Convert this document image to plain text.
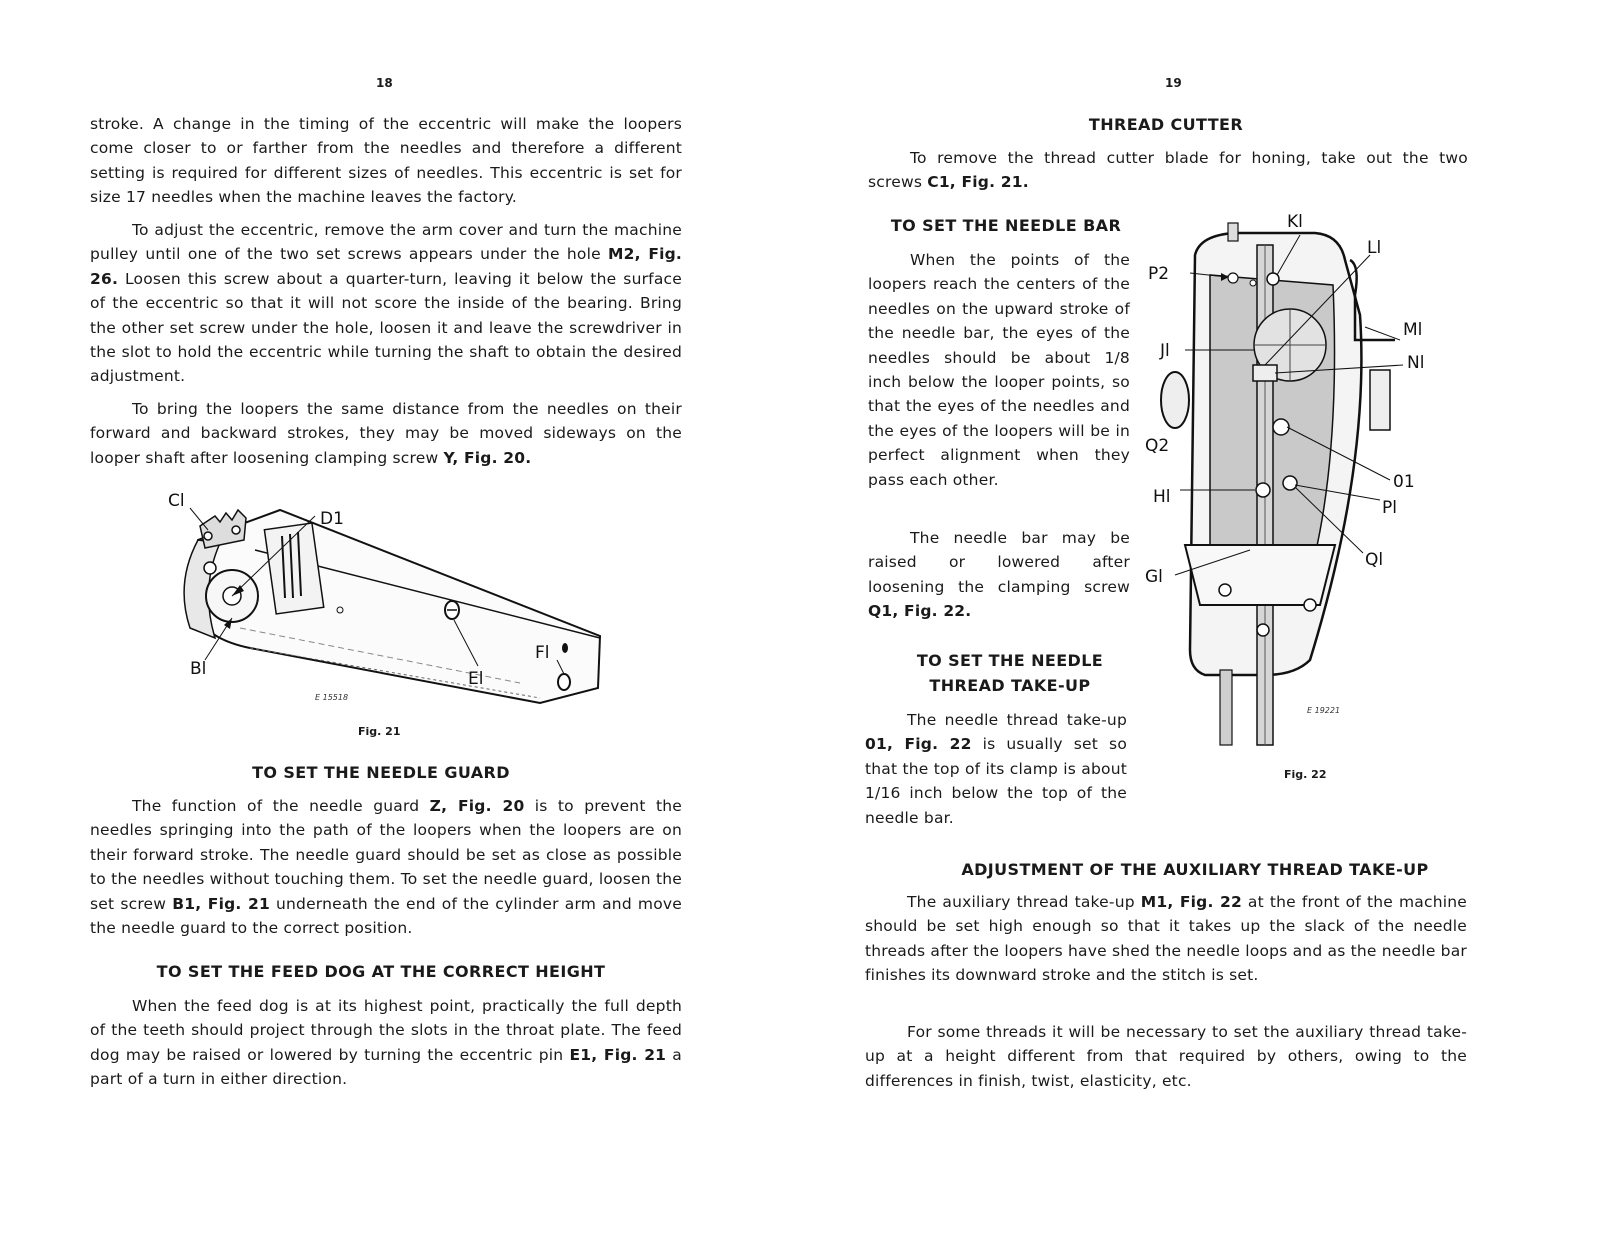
18

stroke. A change in the timing of the eccentric will make the loopers come closer to or farther from the needles and therefore a different setting is required for different sizes of needles. This eccentric is set for size 17 needles when the machine leaves the factory.

To adjust the eccentric, remove the arm cover and turn the machine pulley until one of the two set screws appears under the hole M2, Fig. 26. Loosen this screw about a quarter-turn, leaving it below the surface of the eccentric so that it will not score the inside of the bearing. Bring the other set screw under the hole, loosen it and leave the screwdriver in the slot to hold the eccentric while turning the shaft to obtain the desired adjustment.

To bring the loopers the same distance from the needles on their forward and backward strokes, they may be moved sideways on the looper shaft after loosening clamping screw Y, Fig. 20.

Cl
D1
Bl	El
Fl
E 15518
Fig. 21
TO SET THE NEEDLE GUARD

The function of the needle guard Z, Fig. 20 is to prevent the needles springing into the path of the loopers when the loopers are on their forward stroke. The needle guard should be set as close as possible to the needles without touching them. To set the needle guard, loosen the set screw B1, Fig. 21 underneath the end of the cylinder arm and move the needle guard to the correct position.

TO SET THE FEED DOG AT THE CORRECT HEIGHT

When the feed dog is at its highest point, practically the full depth of the teeth should project through the slots in the throat plate. The feed dog may be raised or lowered by turning the eccentric pin E1, Fig. 21 a part of a turn in either direction.

19
THREAD CUTTER

To remove the thread cutter blade for honing, take out the two screws C1, Fig. 21.

TO SET THE NEEDLE BAR

When the points of the loopers reach the centers of the needles on the upward stroke of the needle bar, the eyes of the needles should be about 1/8 inch below the looper points, so that the eyes of the needles and the eyes of the loopers will be in perfect alignment when they pass each other.

The needle bar may be raised or lowered after loosening the clamping screw Q1, Fig. 22.

TO SET THE NEEDLE
THREAD TAKE-UP

The needle thread take-up 01, Fig. 22 is usually set so that the top of its clamp is about 1/16 inch below the top of the needle bar.

Kl
Ll
P2
Ml
Nl
Jl
Q2
01
Hl
Pl
Ql
Gl
E 19221
Fig. 22
ADJUSTMENT OF THE AUXILIARY THREAD TAKE-UP

The auxiliary thread take-up M1, Fig. 22 at the front of the machine should be set high enough so that it takes up the slack of the needle threads after the loopers have shed the needle loops and as the needle bar finishes its downward stroke and the stitch is set.

For some threads it will be necessary to set the auxiliary thread take-up at a height different from that required by others, owing to the differences in finish, twist, elasticity, etc.
